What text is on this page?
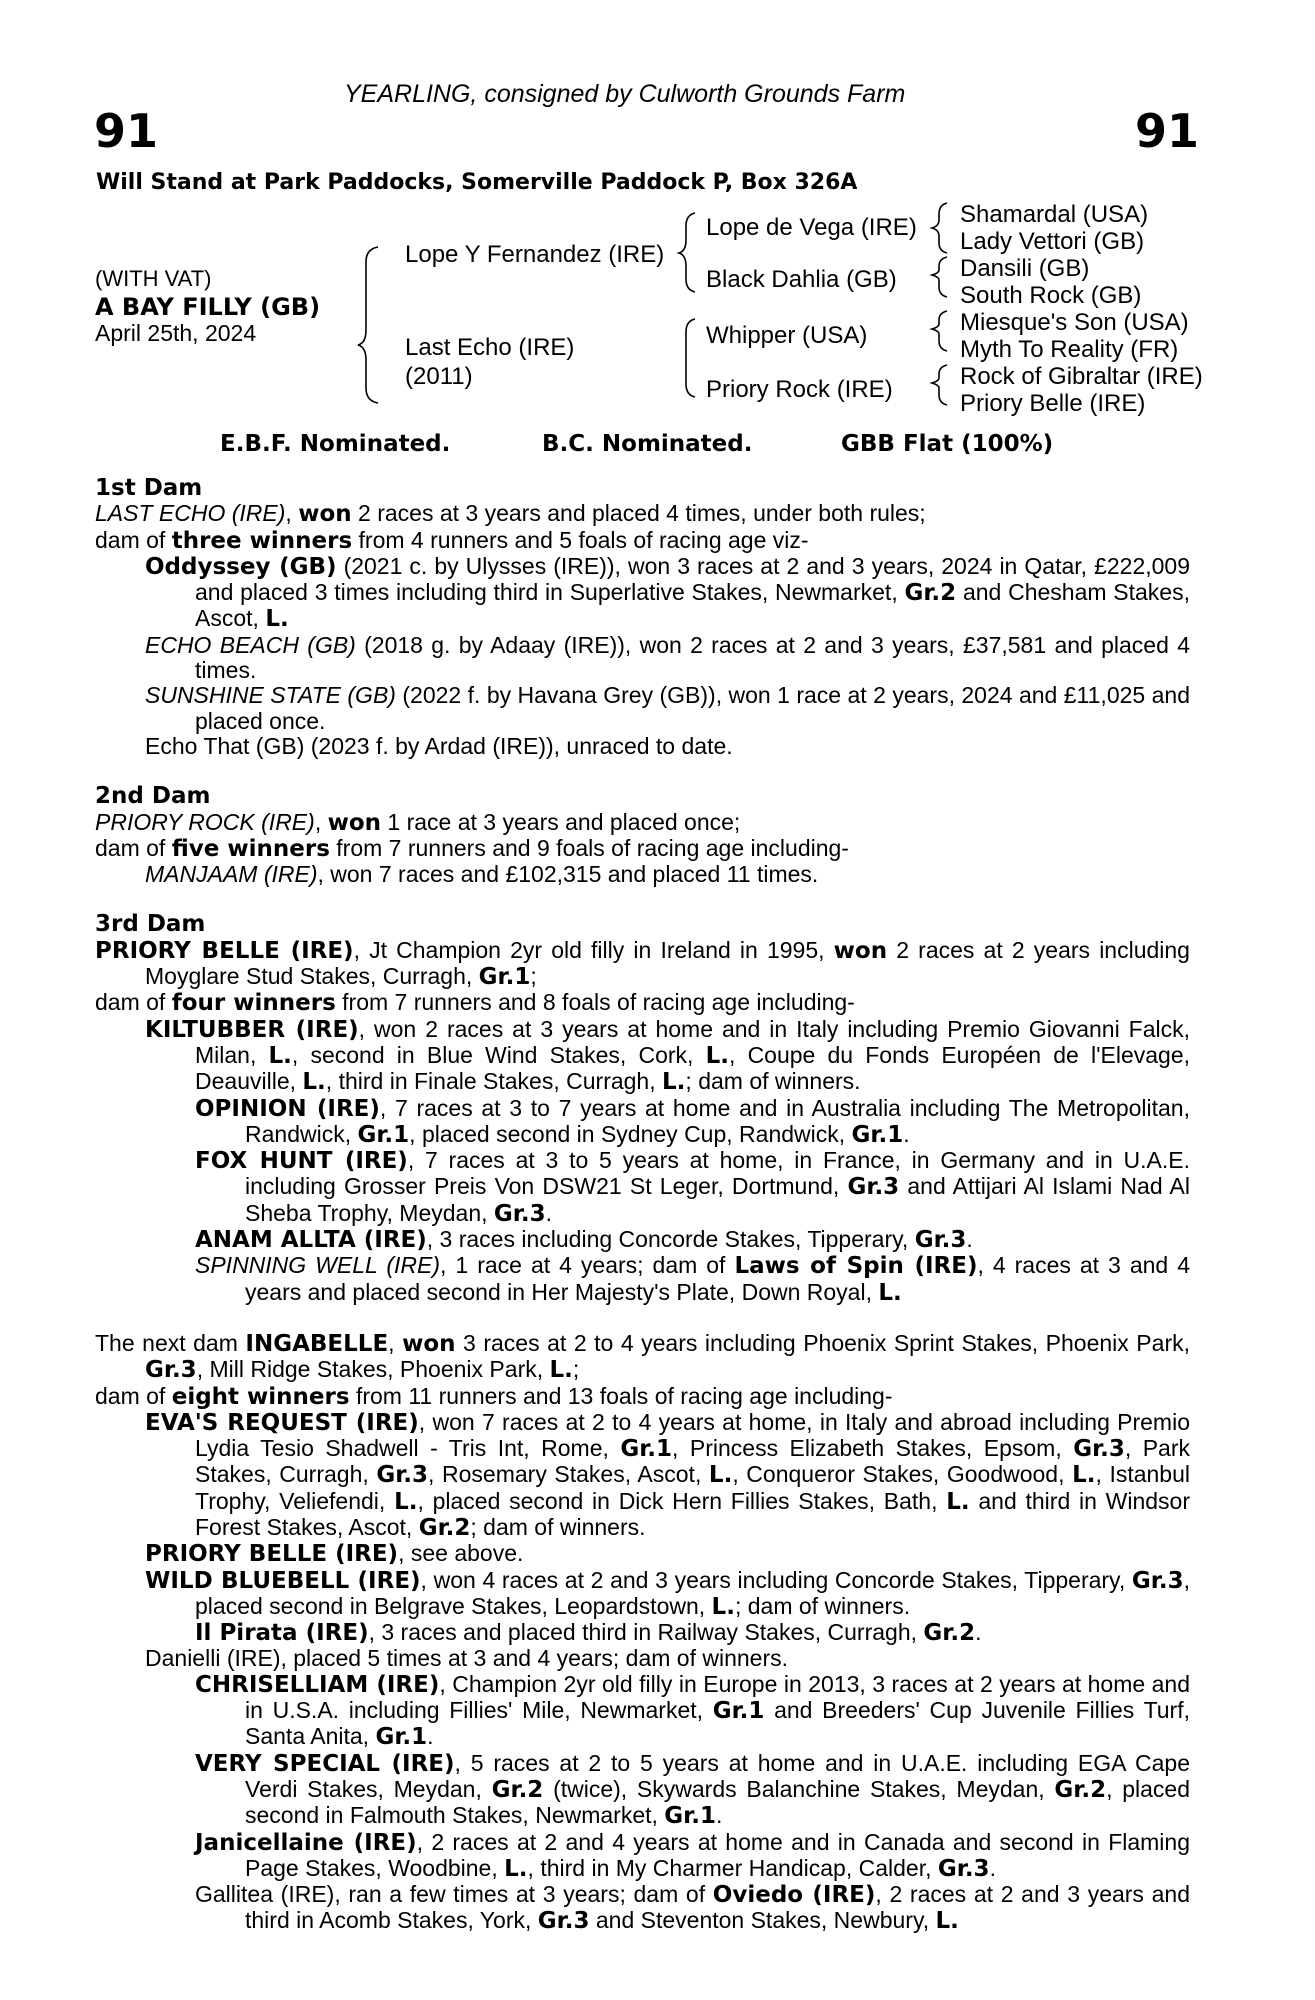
91	91
YEARLING, consigned by Culworth Grounds Farm
Will Stand at Park Paddocks, Somerville Paddock P, Box 326A
(WITH VAT)
A BAY FILLY (GB)
April 25th, 2024
Lope Y Fernandez (IRE)
Last Echo (IRE)
(2011)
Lope de Vega (IRE)
Black Dahlia (GB)
Whipper (USA)
Priory Rock (IRE)
Shamardal (USA)
Lady Vettori (GB)
Dansili (GB)
South Rock (GB)
Miesque's Son (USA)
Myth To Reality (FR)
Rock of Gibraltar (IRE)
Priory Belle (IRE)
E.B.F. Nominated.	B.C. Nominated.	GBB Flat (100%)
1st Dam

LAST ECHO (IRE), won 2 races at 3 years and placed 4 times, under both rules;

dam of three winners from 4 runners and 5 foals of racing age viz-

Oddyssey (GB) (2021 c. by Ulysses (IRE)), won 3 races at 2 and 3 years, 2024 in Qatar, £222,009 and placed 3 times including third in Superlative Stakes, Newmarket, Gr.2 and Chesham Stakes, Ascot, L.

ECHO BEACH (GB) (2018 g. by Adaay (IRE)), won 2 races at 2 and 3 years, £37,581 and placed 4 times.

SUNSHINE STATE (GB) (2022 f. by Havana Grey (GB)), won 1 race at 2 years, 2024 and £11,025 and placed once.

Echo That (GB) (2023 f. by Ardad (IRE)), unraced to date.

2nd Dam

PRIORY ROCK (IRE), won 1 race at 3 years and placed once;

dam of five winners from 7 runners and 9 foals of racing age including-

MANJAAM (IRE), won 7 races and £102,315 and placed 11 times.

3rd Dam

PRIORY BELLE (IRE), Jt Champion 2yr old filly in Ireland in 1995, won 2 races at 2 years including Moyglare Stud Stakes, Curragh, Gr.1;

dam of four winners from 7 runners and 8 foals of racing age including-

KILTUBBER (IRE), won 2 races at 3 years at home and in Italy including Premio Giovanni Falck, Milan, L., second in Blue Wind Stakes, Cork, L., Coupe du Fonds Européen de l'Elevage, Deauville, L., third in Finale Stakes, Curragh, L.; dam of winners.

OPINION (IRE), 7 races at 3 to 7 years at home and in Australia including The Metropolitan, Randwick, Gr.1, placed second in Sydney Cup, Randwick, Gr.1.

FOX HUNT (IRE), 7 races at 3 to 5 years at home, in France, in Germany and in U.A.E. including Grosser Preis Von DSW21 St Leger, Dortmund, Gr.3 and Attijari Al Islami Nad Al Sheba Trophy, Meydan, Gr.3.

ANAM ALLTA (IRE), 3 races including Concorde Stakes, Tipperary, Gr.3.

SPINNING WELL (IRE), 1 race at 4 years; dam of Laws of Spin (IRE), 4 races at 3 and 4 years and placed second in Her Majesty's Plate, Down Royal, L.

The next dam INGABELLE, won 3 races at 2 to 4 years including Phoenix Sprint Stakes, Phoenix Park, Gr.3, Mill Ridge Stakes, Phoenix Park, L.;

dam of eight winners from 11 runners and 13 foals of racing age including-

EVA'S REQUEST (IRE), won 7 races at 2 to 4 years at home, in Italy and abroad including Premio Lydia Tesio Shadwell - Tris Int, Rome, Gr.1, Princess Elizabeth Stakes, Epsom, Gr.3, Park Stakes, Curragh, Gr.3, Rosemary Stakes, Ascot, L., Conqueror Stakes, Goodwood, L., Istanbul Trophy, Veliefendi, L., placed second in Dick Hern Fillies Stakes, Bath, L. and third in Windsor Forest Stakes, Ascot, Gr.2; dam of winners.

PRIORY BELLE (IRE), see above.

WILD BLUEBELL (IRE), won 4 races at 2 and 3 years including Concorde Stakes, Tipperary, Gr.3, placed second in Belgrave Stakes, Leopardstown, L.; dam of winners.

Il Pirata (IRE), 3 races and placed third in Railway Stakes, Curragh, Gr.2.

Danielli (IRE), placed 5 times at 3 and 4 years; dam of winners.

CHRISELLIAM (IRE), Champion 2yr old filly in Europe in 2013, 3 races at 2 years at home and in U.S.A. including Fillies' Mile, Newmarket, Gr.1 and Breeders' Cup Juvenile Fillies Turf, Santa Anita, Gr.1.

VERY SPECIAL (IRE), 5 races at 2 to 5 years at home and in U.A.E. including EGA Cape Verdi Stakes, Meydan, Gr.2 (twice), Skywards Balanchine Stakes, Meydan, Gr.2, placed second in Falmouth Stakes, Newmarket, Gr.1.

Janicellaine (IRE), 2 races at 2 and 4 years at home and in Canada and second in Flaming Page Stakes, Woodbine, L., third in My Charmer Handicap, Calder, Gr.3.

Gallitea (IRE), ran a few times at 3 years; dam of Oviedo (IRE), 2 races at 2 and 3 years and third in Acomb Stakes, York, Gr.3 and Steventon Stakes, Newbury, L.
